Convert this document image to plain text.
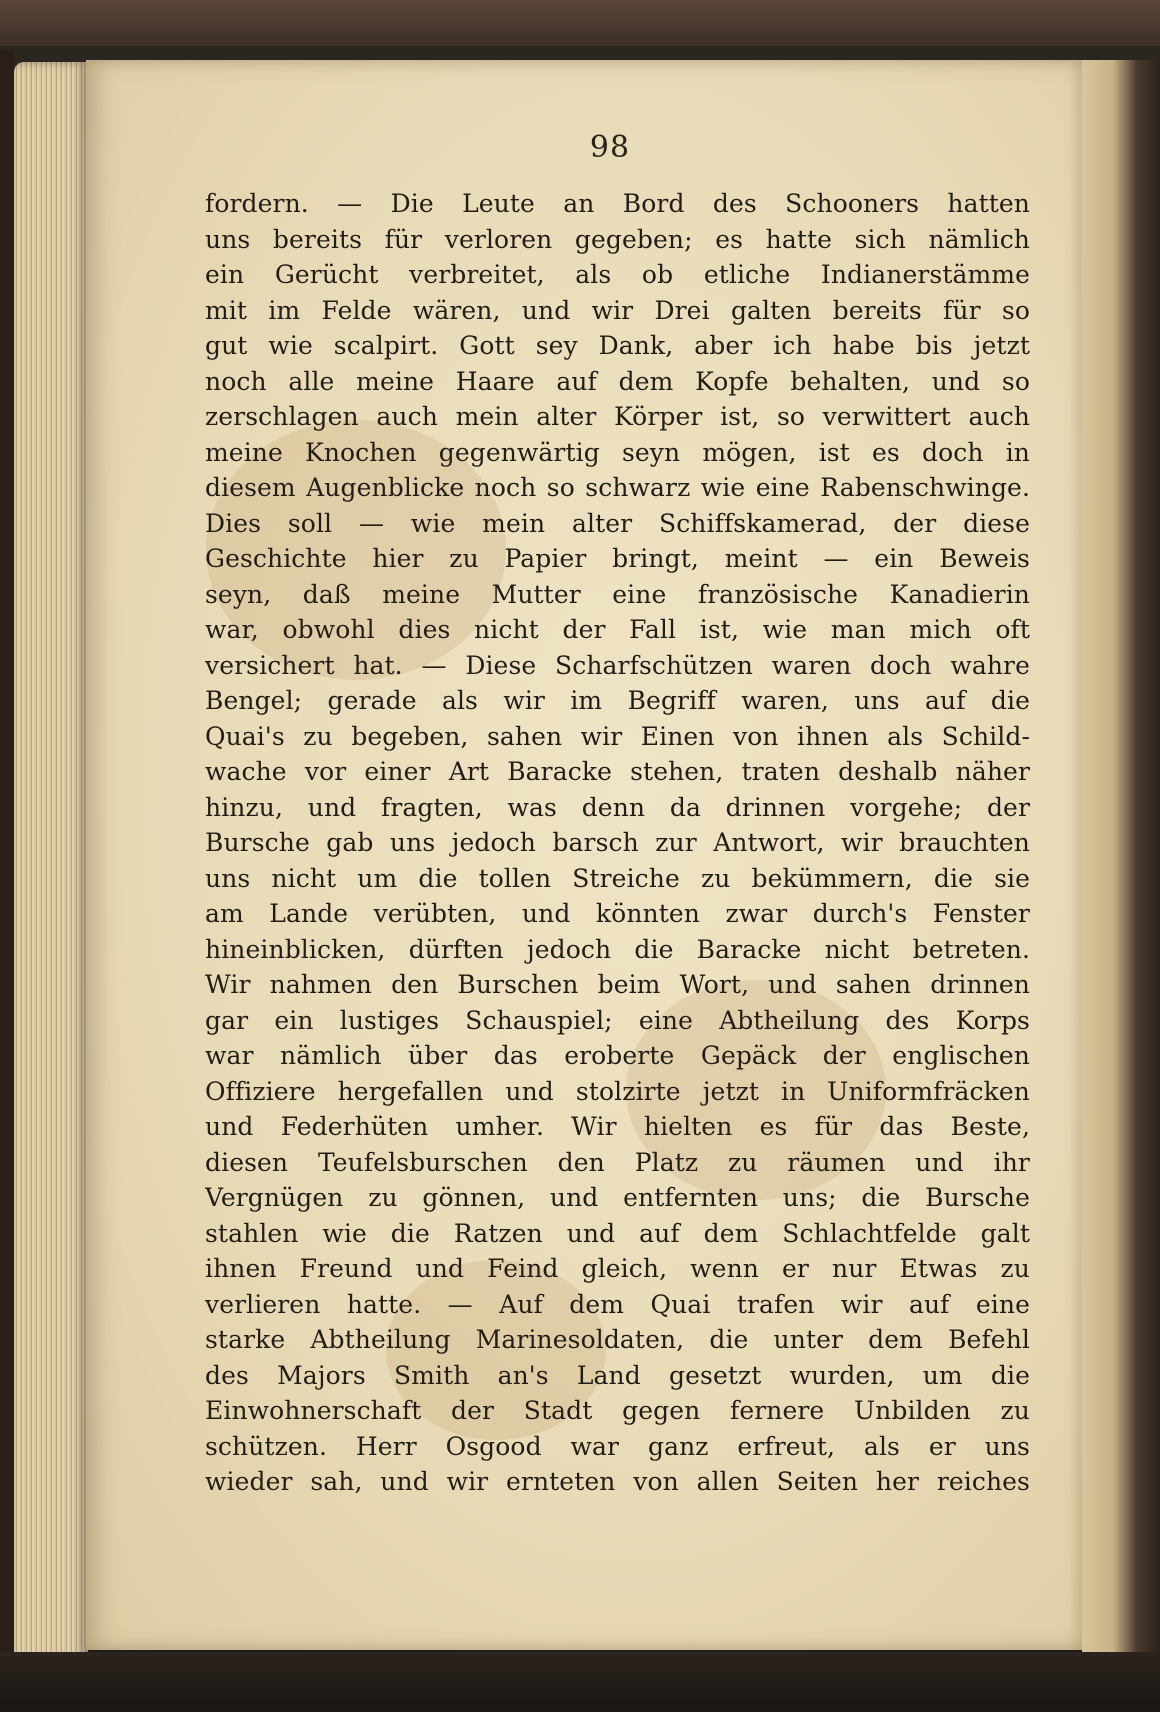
98
fordern. — Die Leute an Bord des Schooners hatten
uns bereits für verloren gegeben; es hatte sich nämlich
ein Gerücht verbreitet, als ob etliche Indianerstämme
mit im Felde wären, und wir Drei galten bereits für so
gut wie scalpirt. Gott sey Dank, aber ich habe bis jetzt
noch alle meine Haare auf dem Kopfe behalten, und so
zerschlagen auch mein alter Körper ist, so verwittert auch
meine Knochen gegenwärtig seyn mögen, ist es doch in
diesem Augenblicke noch so schwarz wie eine Rabenschwinge.
Dies soll — wie mein alter Schiffskamerad, der diese
Geschichte hier zu Papier bringt, meint — ein Beweis
seyn, daß meine Mutter eine französische Kanadierin
war, obwohl dies nicht der Fall ist, wie man mich oft
versichert hat. — Diese Scharfschützen waren doch wahre
Bengel; gerade als wir im Begriff waren, uns auf die
Quai's zu begeben, sahen wir Einen von ihnen als Schild-
wache vor einer Art Baracke stehen, traten deshalb näher
hinzu, und fragten, was denn da drinnen vorgehe; der
Bursche gab uns jedoch barsch zur Antwort, wir brauchten
uns nicht um die tollen Streiche zu bekümmern, die sie
am Lande verübten, und könnten zwar durch's Fenster
hineinblicken, dürften jedoch die Baracke nicht betreten.
Wir nahmen den Burschen beim Wort, und sahen drinnen
gar ein lustiges Schauspiel; eine Abtheilung des Korps
war nämlich über das eroberte Gepäck der englischen
Offiziere hergefallen und stolzirte jetzt in Uniformfräcken
und Federhüten umher. Wir hielten es für das Beste,
diesen Teufelsburschen den Platz zu räumen und ihr
Vergnügen zu gönnen, und entfernten uns; die Bursche
stahlen wie die Ratzen und auf dem Schlachtfelde galt
ihnen Freund und Feind gleich, wenn er nur Etwas zu
verlieren hatte. — Auf dem Quai trafen wir auf eine
starke Abtheilung Marinesoldaten, die unter dem Befehl
des Majors Smith an's Land gesetzt wurden, um die
Einwohnerschaft der Stadt gegen fernere Unbilden zu
schützen. Herr Osgood war ganz erfreut, als er uns
wieder sah, und wir ernteten von allen Seiten her reiches
